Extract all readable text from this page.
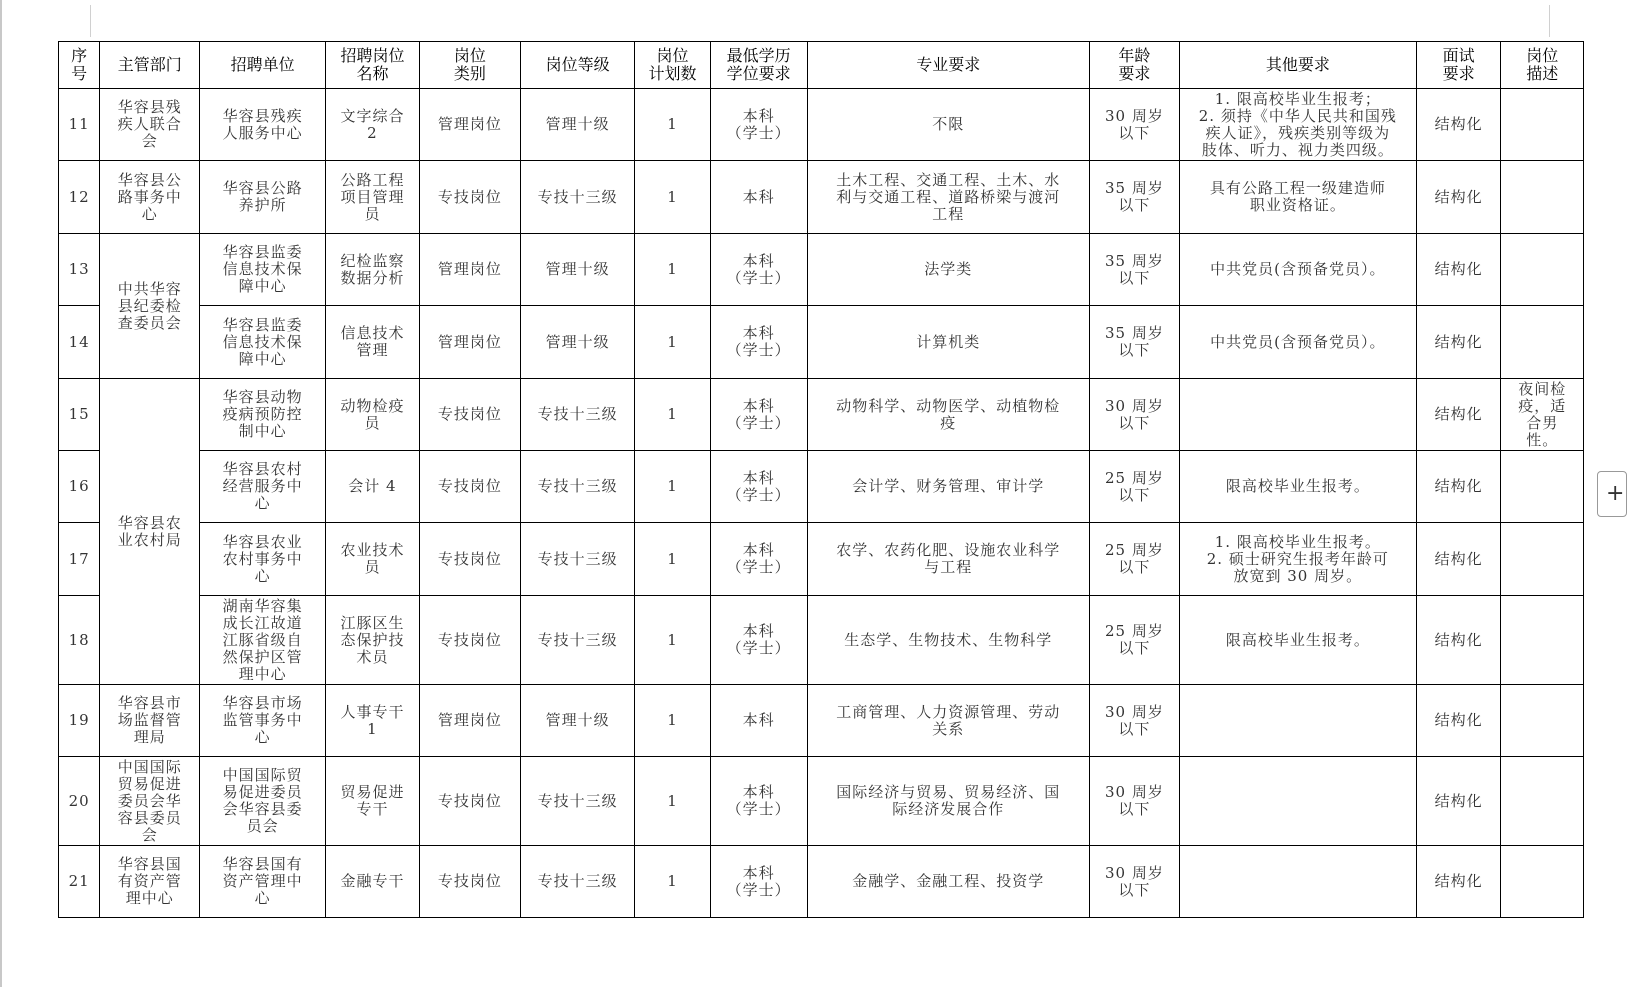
序
号	主管部门	招聘单位	招聘岗位
名称	岗位
类别	岗位等级	岗位
计划数	最低学历
学位要求	专业要求	年龄
要求	其他要求	面试
要求	岗位
描述

11	华容县残
疾人联合
会	华容县残疾
人服务中心	文字综合
2	管理岗位	管理十级	1	本科
（学士）	不限	30 周岁
以下	1. 限高校毕业生报考；
2. 须持《中华人民共和国残
疾人证》，残疾类别等级为
肢体、听力、视力类四级。	结构化	

12	华容县公
路事务中
心	华容县公路
养护所	公路工程
项目管理
员	专技岗位	专技十三级	1	本科	土木工程、交通工程、土木、水
利与交通工程、道路桥梁与渡河
工程	35 周岁
以下	具有公路工程一级建造师
职业资格证。	结构化	

13	中共华容
县纪委检
查委员会	华容县监委
信息技术保
障中心	纪检监察
数据分析	管理岗位	管理十级	1	本科
（学士）	法学类	35 周岁
以下	中共党员(含预备党员）。	结构化	

14		华容县监委
信息技术保
障中心	信息技术
管理	管理岗位	管理十级	1	本科
（学士）	计算机类	35 周岁
以下	中共党员(含预备党员）。	结构化	

15	华容县农
业农村局	华容县动物
疫病预防控
制中心	动物检疫
员	专技岗位	专技十三级	1	本科
（学士）	动物科学、动物医学、动植物检
疫	30 周岁
以下		结构化	夜间检
疫，适
合男
性。

16		华容县农村
经营服务中
心	会计 4	专技岗位	专技十三级	1	本科
（学士）	会计学、财务管理、审计学	25 周岁
以下	限高校毕业生报考。	结构化	

17		华容县农业
农村事务中
心	农业技术
员	专技岗位	专技十三级	1	本科
（学士）	农学、农药化肥、设施农业科学
与工程	25 周岁
以下	1. 限高校毕业生报考。
2. 硕士研究生报考年龄可
放宽到 30 周岁。	结构化	

18		湖南华容集
成长江故道
江豚省级自
然保护区管
理中心	江豚区生
态保护技
术员	专技岗位	专技十三级	1	本科
（学士）	生态学、生物技术、生物科学	25 周岁
以下	限高校毕业生报考。	结构化	

19	华容县市
场监督管
理局	华容县市场
监管事务中
心	人事专干
1	管理岗位	管理十级	1	本科	工商管理、人力资源管理、劳动
关系	30 周岁
以下		结构化	

20	中国国际
贸易促进
委员会华
容县委员
会	中国国际贸
易促进委员
会华容县委
员会	贸易促进
专干	专技岗位	专技十三级	1	本科
（学士）	国际经济与贸易、贸易经济、国
际经济发展合作	30 周岁
以下		结构化	

21	华容县国
有资产管
理中心	华容县国有
资产管理中
心	金融专干	专技岗位	专技十三级	1	本科
（学士）	金融学、金融工程、投资学	30 周岁
以下		结构化	

+
